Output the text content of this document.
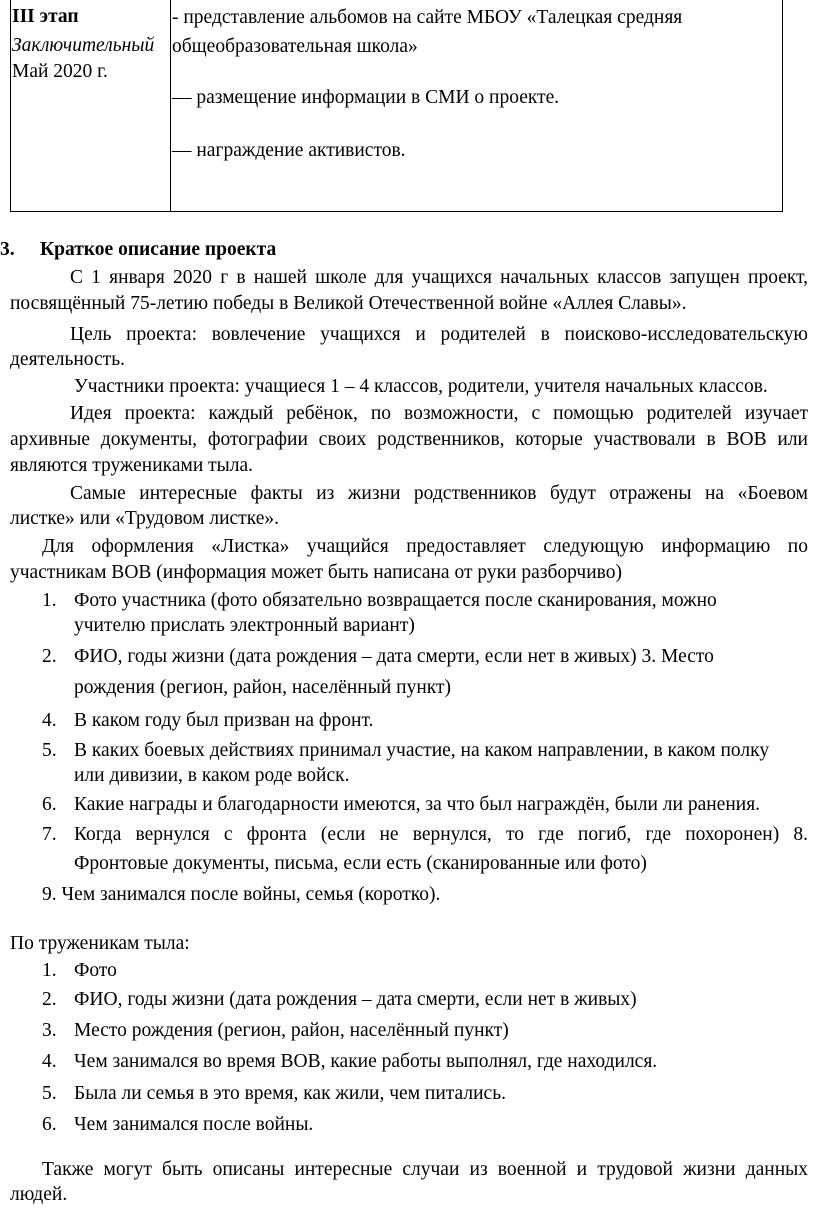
III этап
Заключительный
Май 2020 г.
- представление альбомов на сайте МБОУ «Талецкая средняя
общеобразовательная школа»
— размещение информации в СМИ о проекте.
— награждение активистов.
3. Краткое описание проекта
С 1 января 2020 г в нашей школе для учащихся начальных классов запущен проект,
посвящённый 75-летию победы в Великой Отечественной войне «Аллея Славы».
Цель проекта: вовлечение учащихся и родителей в поисково-исследовательскую
деятельность.
Участники проекта: учащиеся 1 – 4 классов, родители, учителя начальных классов.
Идея проекта: каждый ребёнок, по возможности, с помощью родителей изучает
архивные документы, фотографии своих родственников, которые участвовали в ВОВ или
являются тружениками тыла.
Самые интересные факты из жизни родственников будут отражены на «Боевом
листке» или «Трудовом листке».
Для оформления «Листка» учащийся предоставляет следующую информацию по
участникам ВОВ (информация может быть написана от руки разборчиво)
1. Фото участника (фото обязательно возвращается после сканирования, можно
учителю прислать электронный вариант)
2. ФИО, годы жизни (дата рождения – дата смерти, если нет в живых) 3. Место
рождения (регион, район, населённый пункт)
4. В каком году был призван на фронт.
5. В каких боевых действиях принимал участие, на каком направлении, в каком полку
или дивизии, в каком роде войск.
6. Какие награды и благодарности имеются, за что был награждён, были ли ранения.
7. Когда вернулся с фронта (если не вернулся, то где погиб, где похоронен) 8.
Фронтовые документы, письма, если есть (сканированные или фото)
9. Чем занимался после войны, семья (коротко).
По труженикам тыла:
1. Фото
2. ФИО, годы жизни (дата рождения – дата смерти, если нет в живых)
3. Место рождения (регион, район, населённый пункт)
4. Чем занимался во время ВОВ, какие работы выполнял, где находился.
5. Была ли семья в это время, как жили, чем питались.
6. Чем занимался после войны.
Также могут быть описаны интересные случаи из военной и трудовой жизни данных
людей.
